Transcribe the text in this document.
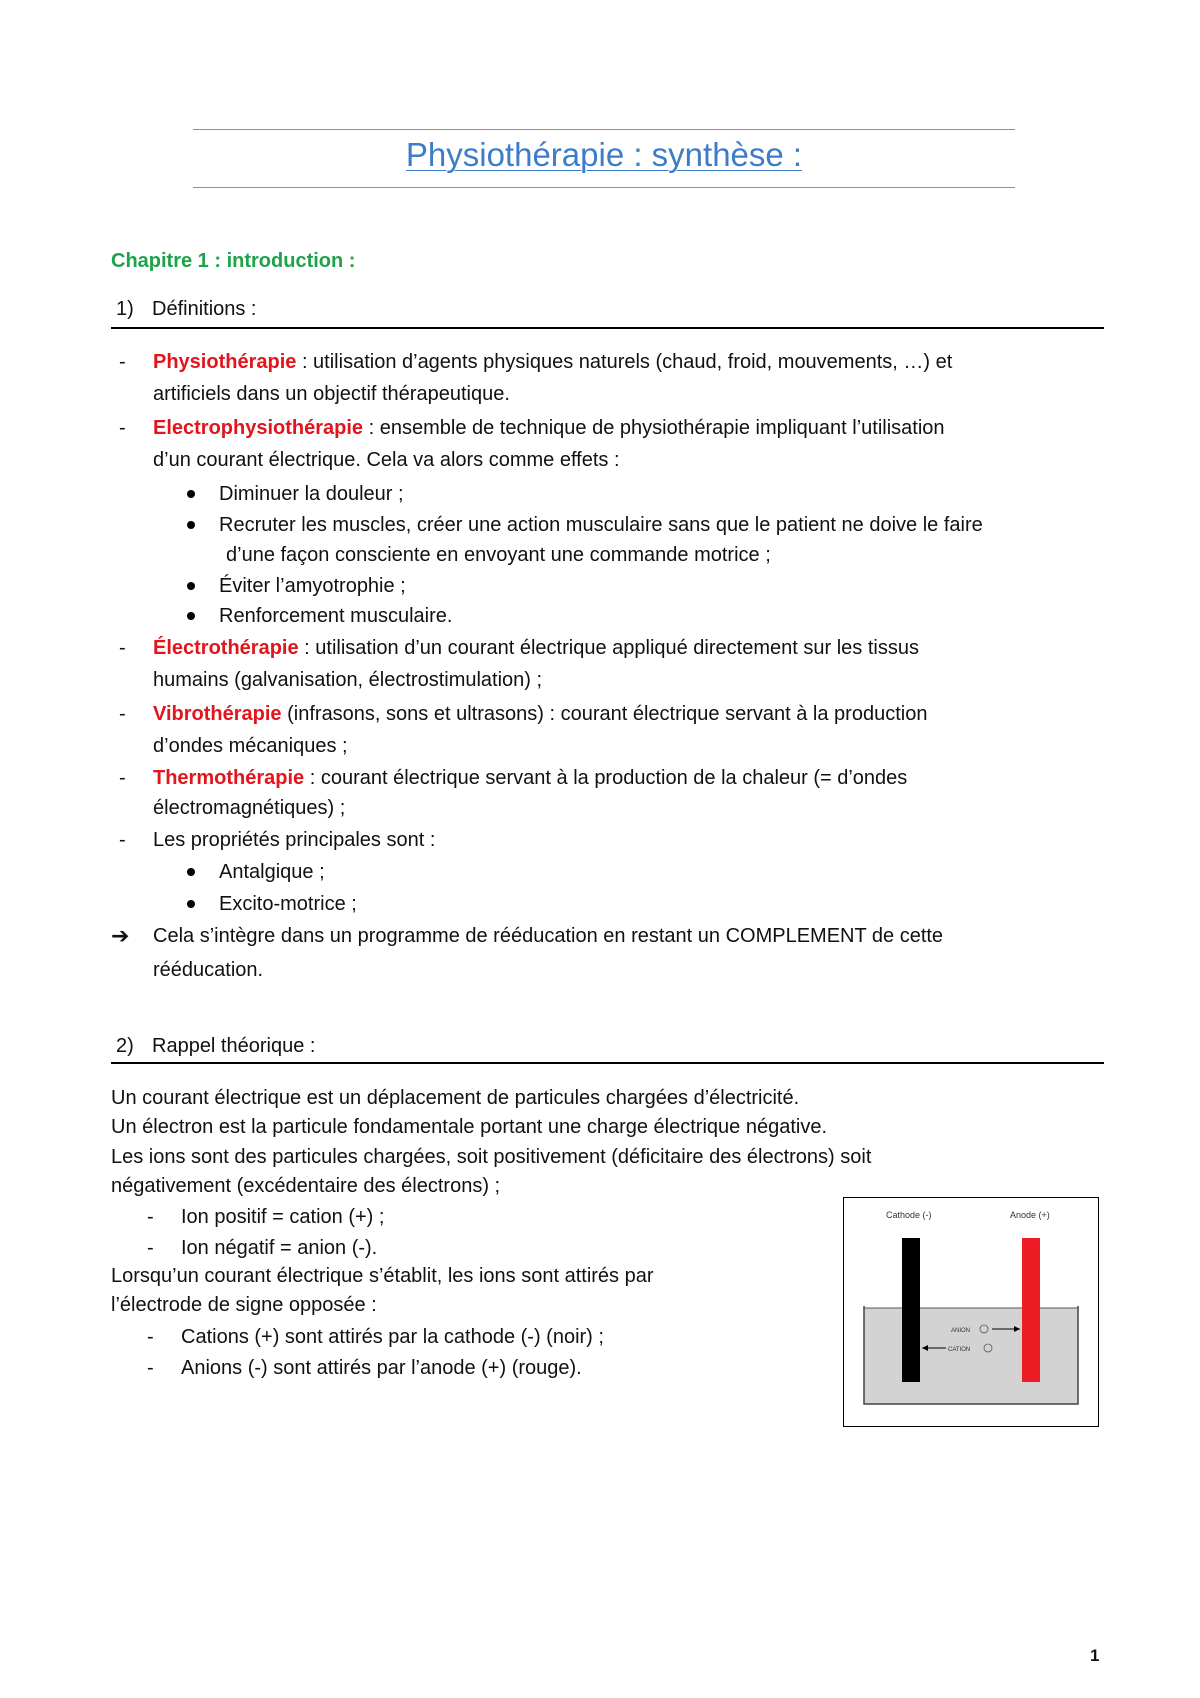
Physiothérapie : synthèse :
Chapitre 1 : introduction :
1) Définitions :
- Physiothérapie : utilisation d’agents physiques naturels (chaud, froid, mouvements, …) et
artificiels dans un objectif thérapeutique.
- Electrophysiothérapie : ensemble de technique de physiothérapie impliquant l’utilisation
d’un courant électrique. Cela va alors comme effets :
Diminuer la douleur ;
Recruter les muscles, créer une action musculaire sans que le patient ne doive le faire
d’une façon consciente en envoyant une commande motrice ;
Éviter l’amyotrophie ;
Renforcement musculaire.
- Électrothérapie : utilisation d’un courant électrique appliqué directement sur les tissus
humains (galvanisation, électrostimulation) ;
- Vibrothérapie (infrasons, sons et ultrasons) : courant électrique servant à la production
d’ondes mécaniques ;
- Thermothérapie : courant électrique servant à la production de la chaleur (= d’ondes
électromagnétiques) ;
- Les propriétés principales sont :
Antalgique ;
Excito-motrice ;
➔ Cela s’intègre dans un programme de rééducation en restant un COMPLEMENT de cette
rééducation.
2) Rappel théorique :
Un courant électrique est un déplacement de particules chargées d’électricité.
Un électron est la particule fondamentale portant une charge électrique négative.
Les ions sont des particules chargées, soit positivement (déficitaire des électrons) soit
négativement (excédentaire des électrons) ;
- Ion positif = cation (+) ;
- Ion négatif = anion (-).
Lorsqu’un courant électrique s’établit, les ions sont attirés par
l’électrode de signe opposée :
- Cations (+) sont attirés par la cathode (-) (noir) ;
- Anions (-) sont attirés par l’anode (+) (rouge).
Cathode (-)	Anode (+)
ANION
CATION
1
